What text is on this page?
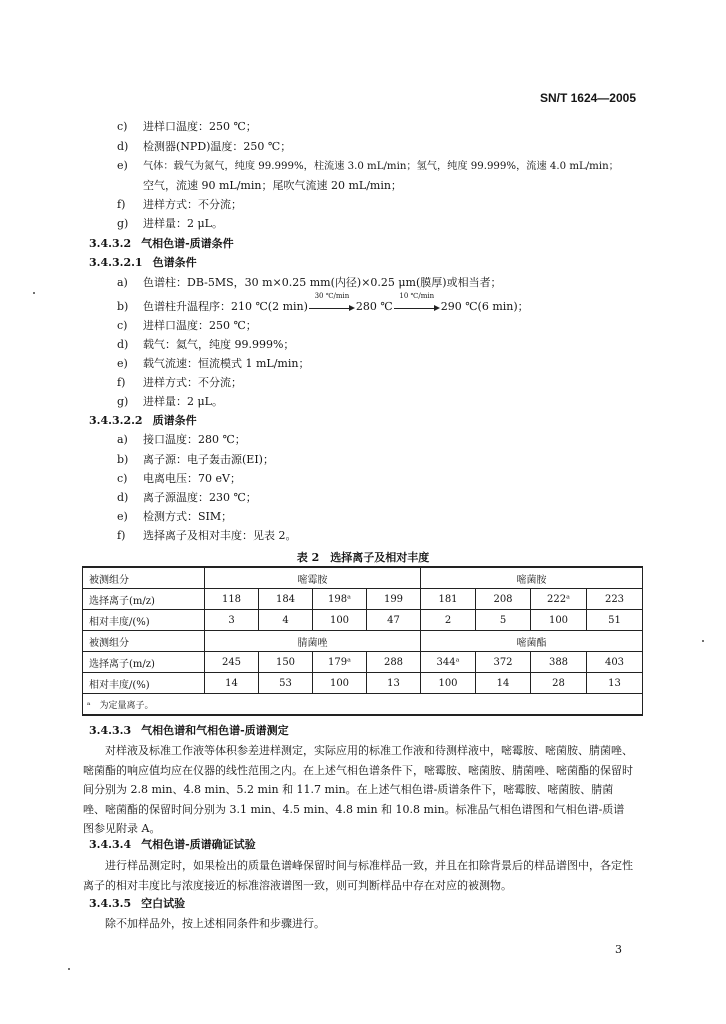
SN/T 1624—2005
c) 进样口温度：250 ℃；
d) 检测器(NPD)温度：250 ℃；
e) 气体：载气为氮气，纯度 99.999%，柱流速 3.0 mL/min；氢气，纯度 99.999%，流速 4.0 mL/min；
空气，流速 90 mL/min；尾吹气流速 20 mL/min；
f) 进样方式：不分流；
g) 进样量：2 μL。
3.4.3.2 气相色谱-质谱条件
3.4.3.2.1 色谱条件
a) 色谱柱：DB-5MS，30 m×0.25 mm(内径)×0.25 μm(膜厚)或相当者；
b) 色谱柱升温程序：210 ℃(2 min)
30 ℃/min
280 ℃
10 ℃/min
290 ℃(6 min)；
c) 进样口温度：250 ℃；
d) 载气：氦气，纯度 99.999%；
e) 载气流速：恒流模式 1 mL/min；
f) 进样方式：不分流；
g) 进样量：2 μL。
3.4.3.2.2 质谱条件
a) 接口温度：280 ℃；
b) 离子源：电子轰击源(EI)；
c) 电离电压：70 eV；
d) 离子源温度：230 ℃；
e) 检测方式：SIM；
f) 选择离子及相对丰度：见表 2。
表 2　选择离子及相对丰度
被测组分	嘧霉胺				嘧菌胺			
选择离子(m/z)	118	184	198ᵃ	199	181	208	222ᵃ	223
相对丰度/(%)	3	4	100	47	2	5	100	51
被测组分	腈菌唑				嘧菌酯			
选择离子(m/z)	245	150	179ᵃ	288	344ᵃ	372	388	403
相对丰度/(%)	14	53	100	13	100	14	28	13
ᵃ　为定量离子。								
3.4.3.3 气相色谱和气相色谱-质谱测定
对样液及标准工作液等体积参差进样测定，实际应用的标准工作液和待测样液中，嘧霉胺、嘧菌胺、腈菌唑、嘧菌酯的响应值均应在仪器的线性范围之内。在上述气相色谱条件下，嘧霉胺、嘧菌胺、腈菌唑、嘧菌酯的保留时间分别为 2.8 min、4.8 min、5.2 min 和 11.7 min。在上述气相色谱-质谱条件下，嘧霉胺、嘧菌胺、腈菌唑、嘧菌酯的保留时间分别为 3.1 min、4.5 min、4.8 min 和 10.8 min。标准品气相色谱图和气相色谱-质谱图参见附录 A。
3.4.3.4 气相色谱-质谱确证试验
进行样品测定时，如果检出的质量色谱峰保留时间与标准样品一致，并且在扣除背景后的样品谱图中，各定性离子的相对丰度比与浓度接近的标准溶液谱图一致，则可判断样品中存在对应的被测物。
3.4.3.5 空白试验
除不加样品外，按上述相同条件和步骤进行。
3
